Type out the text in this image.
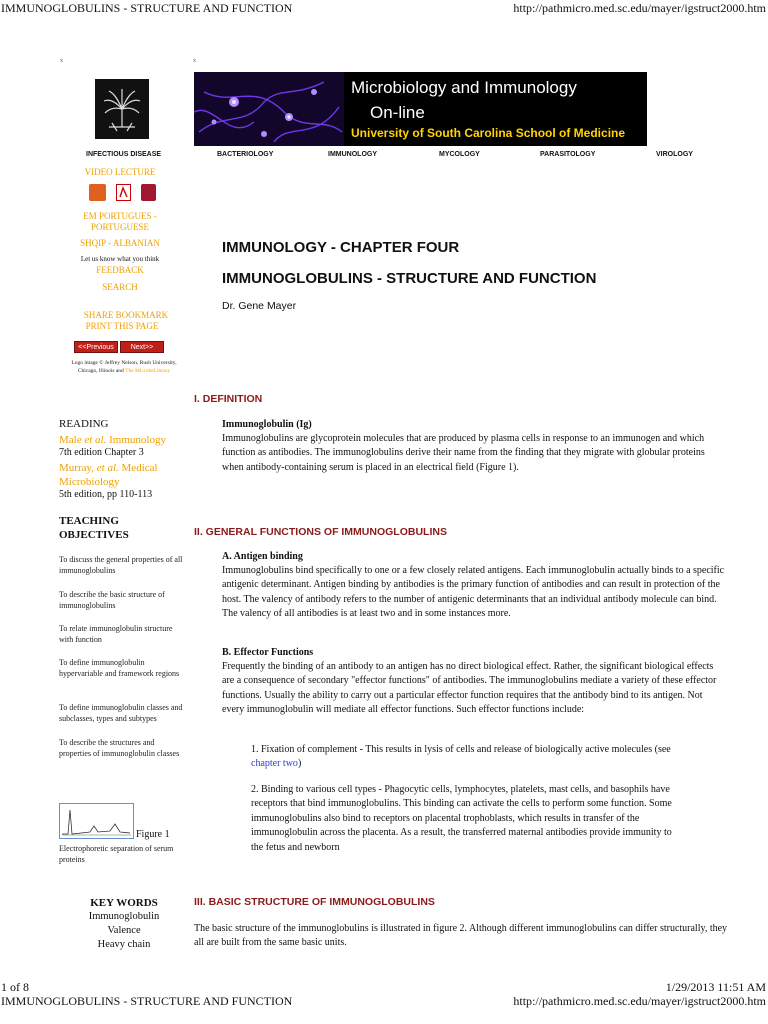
IMMUNOGLOBULINS - STRUCTURE AND FUNCTION	http://pathmicro.med.sc.edu/mayer/igstruct2000.htm
1 of 8	1/29/2013 11:51 AM
IMMUNOGLOBULINS - STRUCTURE AND FUNCTION	http://pathmicro.med.sc.edu/mayer/igstruct2000.htm
x	x
Microbiology and Immunology
On-line
University of South Carolina School of Medicine
INFECTIOUS DISEASE	BACTERIOLOGY	IMMUNOLOGY	MYCOLOGY	PARASITOLOGY	VIROLOGY
VIDEO LECTURE
EM PORTUGUES - PORTUGUESE
SHQIP - ALBANIAN
Let us know what you think
FEEDBACK
SEARCH
SHARE BOOKMARK
PRINT THIS PAGE
<<Previous	Next>>
Logo image © Jeffrey Nelson, Rush University, Chicago, Illinois and The MicrobeLibrary
READING
Male et al. Immunology
7th edition Chapter 3
Murray, et al. Medical Microbiology
5th edition, pp 110-113
TEACHING OBJECTIVES
To discuss the general properties of all immunoglobulins
To describe the basic structure of immunoglobulins
To relate immunoglobulin structure with function
To define immunoglobulin hypervariable and framework regions
To define immunoglobulin classes and subclasses, types and subtypes
To describe the structures and properties of immunoglobulin classes
Figure 1
Electrophoretic separation of serum proteins
KEY WORDS
Immunoglobulin
Valence
Heavy chain
IMMUNOLOGY - CHAPTER FOUR
IMMUNOGLOBULINS - STRUCTURE AND FUNCTION
Dr. Gene Mayer
I. DEFINITION
Immunoglobulin (Ig)
Immunoglobulins are glycoprotein molecules that are produced by plasma cells in response to an immunogen and which function as antibodies. The immunoglobulins derive their name from the finding that they migrate with globular proteins when antibody-containing serum is placed in an electrical field (Figure 1).
II. GENERAL FUNCTIONS OF IMMUNOGLOBULINS
A. Antigen binding
Immunoglobulins bind specifically to one or a few closely related antigens. Each immunoglobulin actually binds to a specific antigenic determinant. Antigen binding by antibodies is the primary function of antibodies and can result in protection of the host. The valency of antibody refers to the number of antigenic determinants that an individual antibody molecule can bind. The valency of all antibodies is at least two and in some instances more.
B. Effector Functions
Frequently the binding of an antibody to an antigen has no direct biological effect. Rather, the significant biological effects are a consequence of secondary "effector functions" of antibodies. The immunoglobulins mediate a variety of these effector functions. Usually the ability to carry out a particular effector function requires that the antibody bind to its antigen. Not every immunoglobulin will mediate all effector functions. Such effector functions include:
1. Fixation of complement - This results in lysis of cells and release of biologically active molecules (see chapter two)
2. Binding to various cell types - Phagocytic cells, lymphocytes, platelets, mast cells, and basophils have receptors that bind immunoglobulins. This binding can activate the cells to perform some function. Some immunoglobulins also bind to receptors on placental trophoblasts, which results in transfer of the immunoglobulin across the placenta. As a result, the transferred maternal antibodies provide immunity to the fetus and newborn
III. BASIC STRUCTURE OF IMMUNOGLOBULINS
The basic structure of the immunoglobulins is illustrated in figure 2. Although different immunoglobulins can differ structurally, they all are built from the same basic units.
